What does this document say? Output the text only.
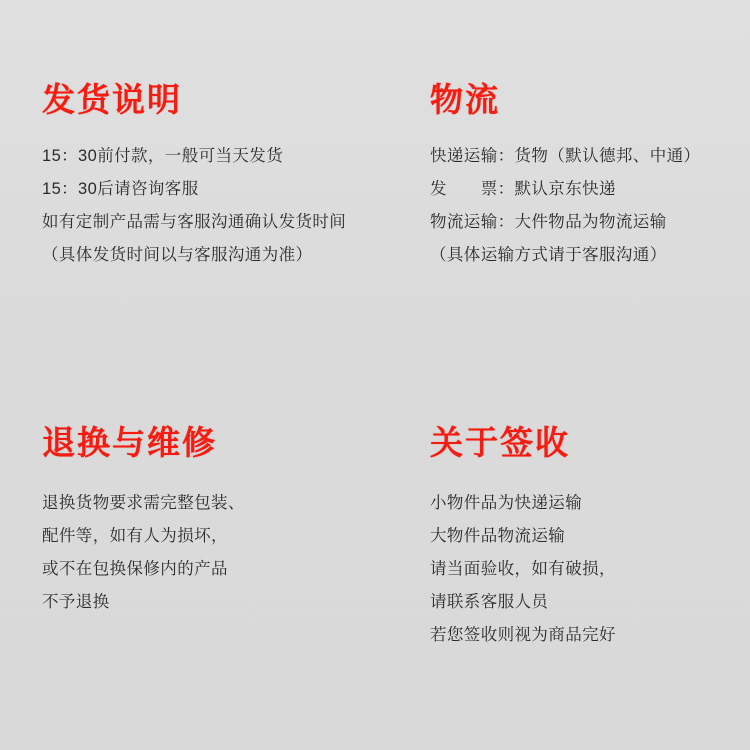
发货说明
15：30前付款，一般可当天发货
15：30后请咨询客服
如有定制产品需与客服沟通确认发货时间
（具体发货时间以与客服沟通为准）
物流
快递运输：货物（默认德邦、中通）
发　　票：默认京东快递
物流运输：大件物品为物流运输
（具体运输方式请于客服沟通）
退换与维修
退换货物要求需完整包装、
配件等，如有人为损坏，
或不在包换保修内的产品
不予退换
关于签收
小物件品为快递运输
大物件品物流运输
请当面验收，如有破损，
请联系客服人员
若您签收则视为商品完好
